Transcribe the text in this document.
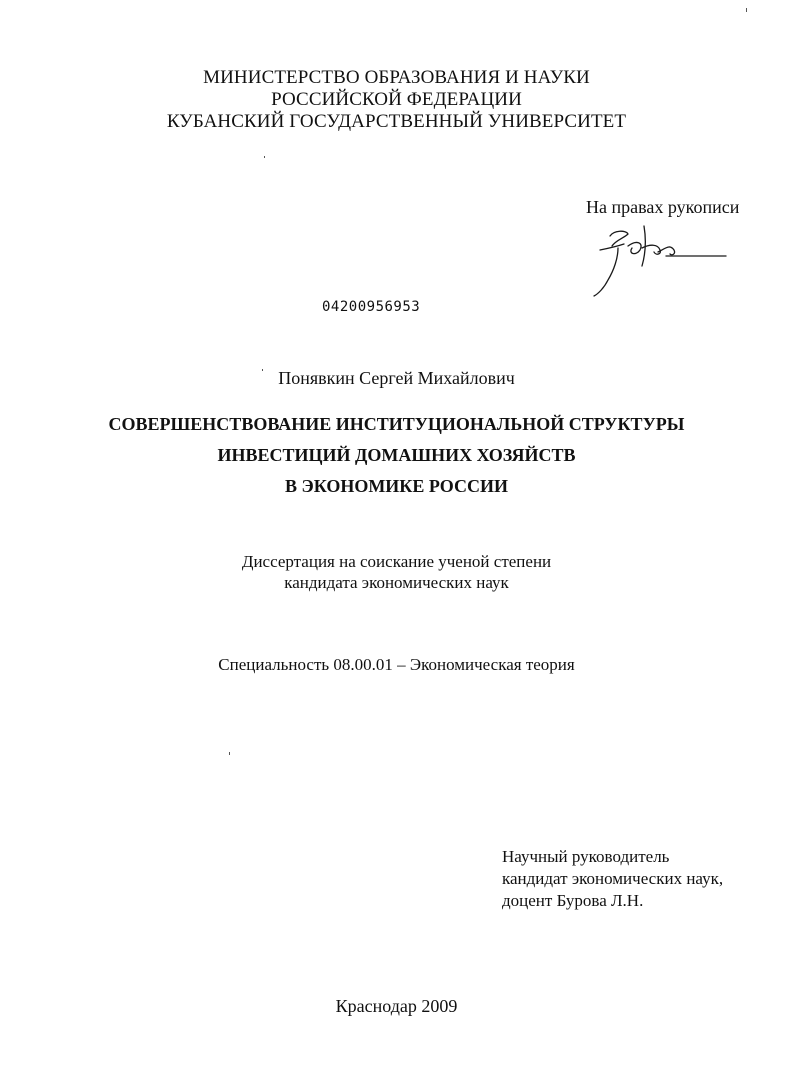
МИНИСТЕРСТВО ОБРАЗОВАНИЯ И НАУКИ
РОССИЙСКОЙ ФЕДЕРАЦИИ
КУБАНСКИЙ ГОСУДАРСТВЕННЫЙ УНИВЕРСИТЕТ
На правах рукописи
04200956953
Понявкин Сергей Михайлович
СОВЕРШЕНСТВОВАНИЕ ИНСТИТУЦИОНАЛЬНОЙ СТРУКТУРЫ
ИНВЕСТИЦИЙ ДОМАШНИХ ХОЗЯЙСТВ
В ЭКОНОМИКЕ РОССИИ
Диссертация на соискание ученой степени
кандидата экономических наук
Специальность 08.00.01 – Экономическая теория
Научный руководитель
кандидат экономических наук,
доцент Бурова Л.Н.
Краснодар 2009
